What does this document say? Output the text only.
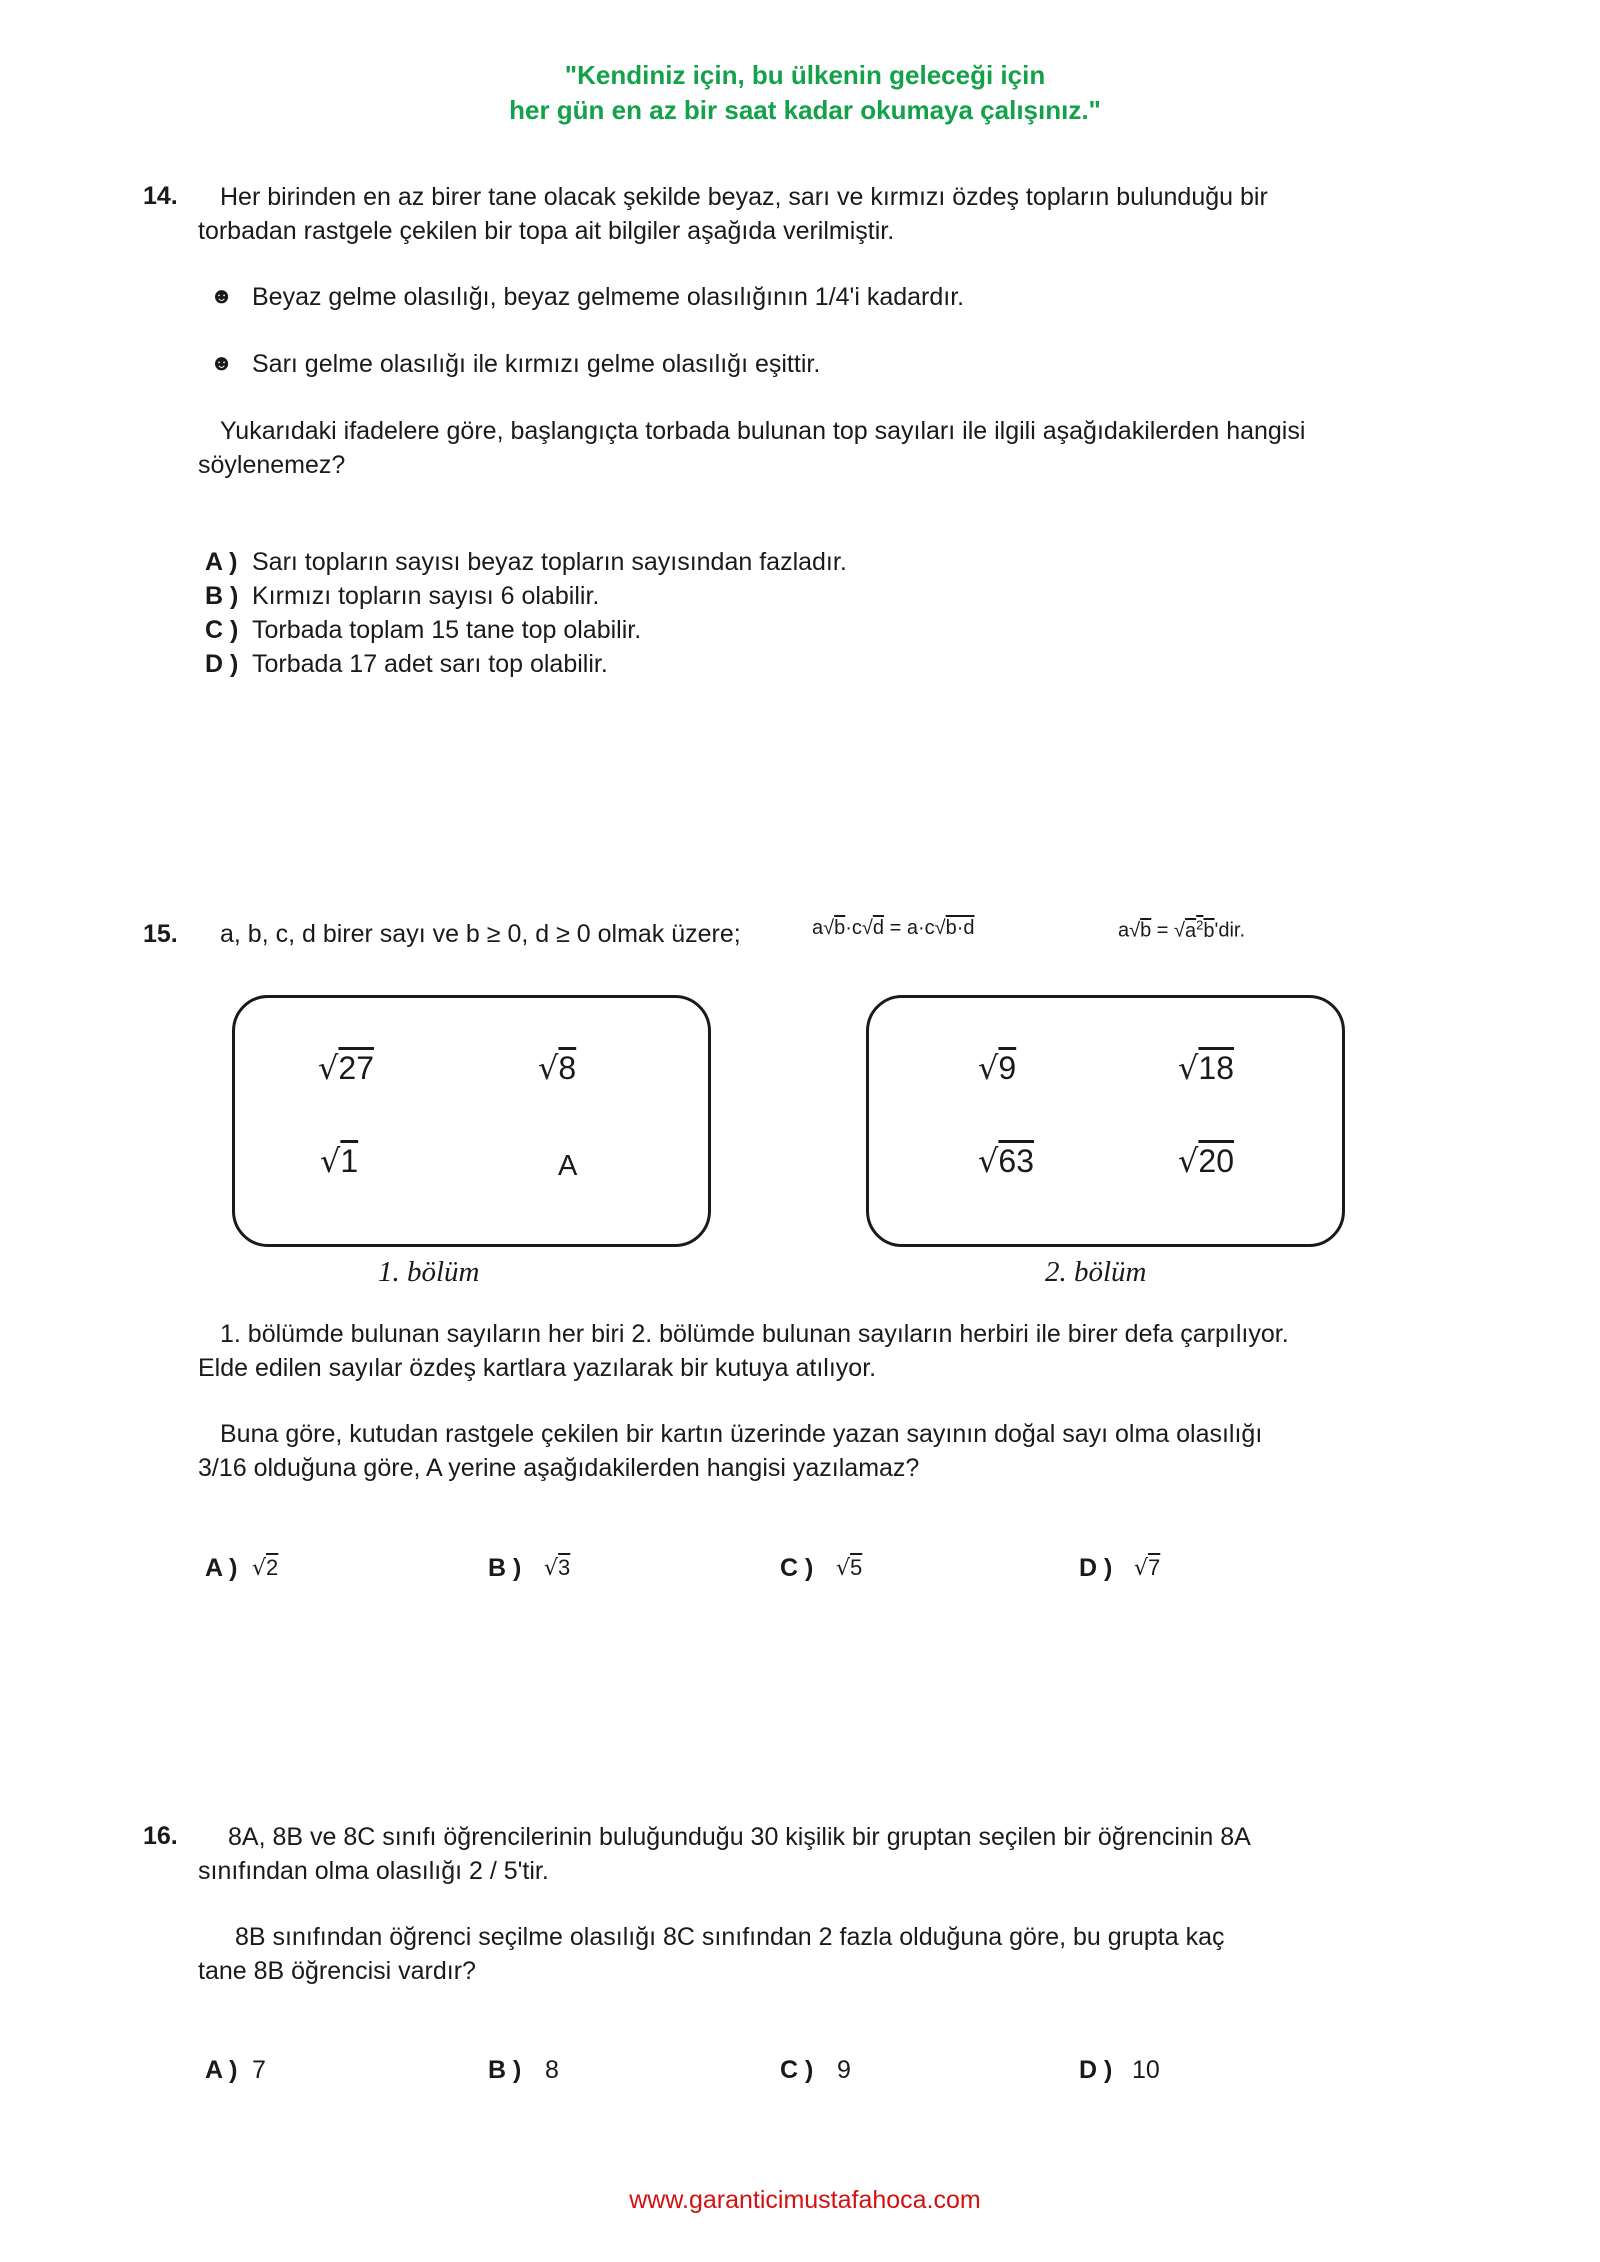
"Kendiniz için, bu ülkenin geleceği için
her gün en az bir saat kadar okumaya çalışınız."
14. Her birinden en az birer tane olacak şekilde beyaz, sarı ve kırmızı özdeş topların bulunduğu bir
torbadan rastgele çekilen bir topa ait bilgiler aşağıda verilmiştir.
☻ Beyaz gelme olasılığı, beyaz gelmeme olasılığının 1/4'i kadardır.
☻ Sarı gelme olasılığı ile kırmızı gelme olasılığı eşittir.
Yukarıdaki ifadelere göre, başlangıçta torbada bulunan top sayıları ile ilgili aşağıdakilerden hangisi
söylenemez?
A ) Sarı topların sayısı beyaz topların sayısından fazladır.
B ) Kırmızı topların sayısı 6 olabilir.
C ) Torbada toplam 15 tane top olabilir.
D ) Torbada 17 adet sarı top olabilir.
15. a, b, c, d birer sayı ve b ≥ 0, d ≥ 0 olmak üzere;	a√b·c√d = a·c√b·d	$a√b = √a^2b'dir$.
√27	√8
√1	A
1. bölüm
√9	√18
√63	√20
2. bölüm
1. bölümde bulunan sayıların her biri 2. bölümde bulunan sayıların herbiri ile birer defa çarpılıyor.
Elde edilen sayılar özdeş kartlara yazılarak bir kutuya atılıyor.
Buna göre, kutudan rastgele çekilen bir kartın üzerinde yazan sayının doğal sayı olma olasılığı
3/16 olduğuna göre, A yerine aşağıdakilerden hangisi yazılamaz?
A ) √2	B ) √3	C ) √5	D ) √7
16. 8A, 8B ve 8C sınıfı öğrencilerinin buluğunduğu 30 kişilik bir gruptan seçilen bir öğrencinin 8A
sınıfından olma olasılığı 2 / 5'tir.
8B sınıfından öğrenci seçilme olasılığı 8C sınıfından 2 fazla olduğuna göre, bu grupta kaç
tane 8B öğrencisi vardır?
A ) 7	B ) 8	C ) 9	D ) 10
www.garanticimustafahoca.com
